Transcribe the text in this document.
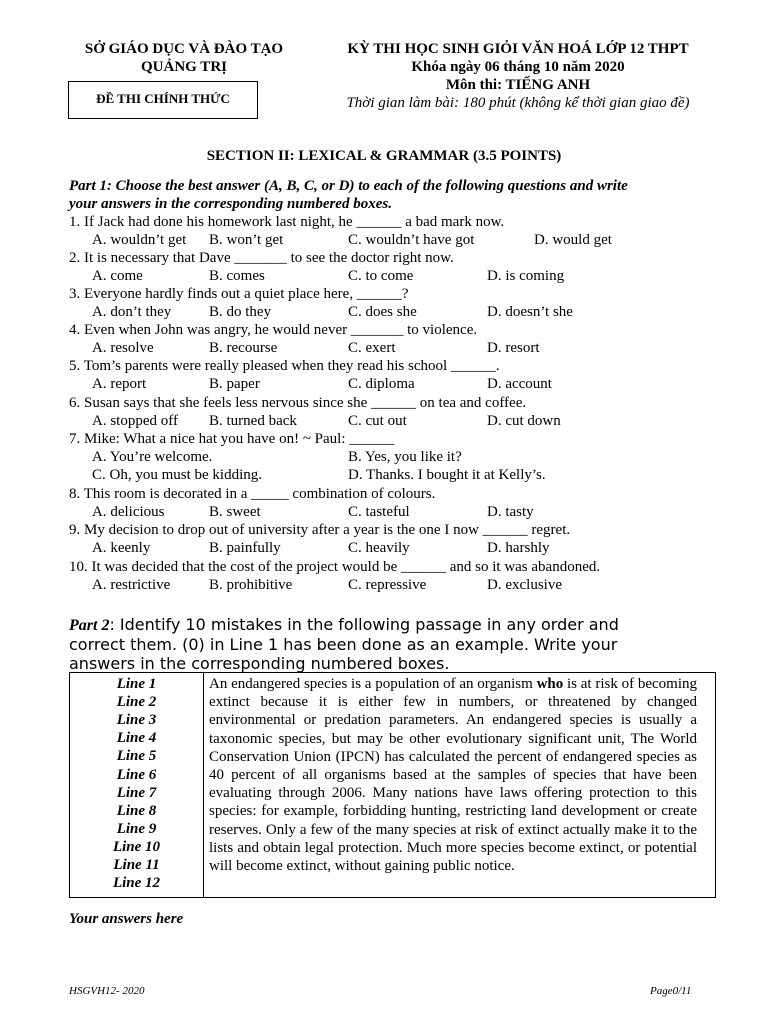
SỞ GIÁO DỤC VÀ ĐÀO TẠO
QUẢNG TRỊ
ĐỀ THI CHÍNH THỨC
KỲ THI HỌC SINH GIỎI VĂN HOÁ LỚP 12 THPT
Khóa ngày 06 tháng 10 năm 2020
Môn thi: TIẾNG ANH
Thời gian làm bài: 180 phút (không kể thời gian giao đề)
SECTION II: LEXICAL & GRAMMAR (3.5 POINTS)
Part 1: Choose the best answer (A, B, C, or D) to each of the following questions and write
your answers in the corresponding numbered boxes.
1. If Jack had done his homework last night, he ______ a bad mark now.
A. wouldn’t get B. won’t get	C. wouldn’t have got	D. would get
2. It is necessary that Dave _______ to see the doctor right now.
A. come	B. comes	C. to come	D. is coming
3. Everyone hardly finds out a quiet place here, ______?
A. don’t they	B. do they	C. does she	D. doesn’t she
4. Even when John was angry, he would never _______ to violence.
A. resolve	B. recourse	C. exert	D. resort
5. Tom’s parents were really pleased when they read his school ______.
A. report	B. paper	C. diploma	D. account
6. Susan says that she feels less nervous since she ______ on tea and coffee.
A. stopped off B. turned back	C. cut out	D. cut down
7. Mike: What a nice hat you have on! ~ Paul: ______
A. You’re welcome.	B. Yes, you like it?
C. Oh, you must be kidding.	D. Thanks. I bought it at Kelly’s.
8. This room is decorated in a _____ combination of colours.
A. delicious	B. sweet	C. tasteful	D. tasty
9. My decision to drop out of university after a year is the one I now ______ regret.
A. keenly	B. painfully	C. heavily	D. harshly
10. It was decided that the cost of the project would be ______ and so it was abandoned.
A. restrictive	B. prohibitive	C. repressive	D. exclusive
Part 2: Identify 10 mistakes in the following passage in any order and correct them. (0) in Line 1 has been done as an example. Write your answers in the corresponding numbered boxes.
Line 1
Line 2
Line 3
Line 4
Line 5
Line 6
Line 7
Line 8
Line 9
Line 10
Line 11
Line 12
An endangered species is a population of an organism who is at risk of becoming extinct because it is either few in numbers, or threatened by changed environmental or predation parameters. An endangered species is usually a taxonomic species, but may be other evolutionary significant unit, The World Conservation Union (IPCN) has calculated the percent of endangered species as 40 percent of all organisms based at the samples of species that have been evaluating through 2006. Many nations have laws offering protection to this species: for example, forbidding hunting, restricting land development or create reserves. Only a few of the many species at risk of extinct actually make it to the lists and obtain legal protection. Much more species become extinct, or potential will become extinct, without gaining public notice.
Your answers here
HSGVH12- 2020	Page0/11
